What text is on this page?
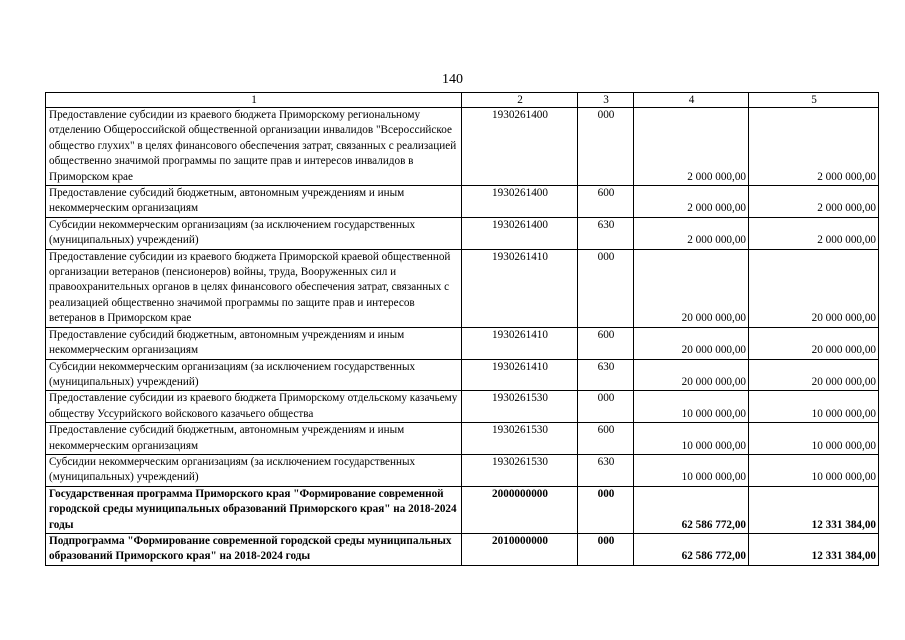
140
1	2	3	4	5
Предоставление субсидии из краевого бюджета Приморскому региональному отделению Общероссийской общественной организации инвалидов "Всероссийское общество глухих" в целях финансового обеспечения затрат, связанных с реализацией общественно значимой программы по защите прав и интересов инвалидов в Приморском крае	1930261400	000	2 000 000,00	2 000 000,00
Предоставление субсидий бюджетным, автономным учреждениям и иным некоммерческим организациям	1930261400	600	2 000 000,00	2 000 000,00
Субсидии некоммерческим организациям (за исключением государственных (муниципальных) учреждений)	1930261400	630	2 000 000,00	2 000 000,00
Предоставление субсидии из краевого бюджета Приморской краевой общественной организации ветеранов (пенсионеров) войны, труда, Вооруженных сил и правоохранительных органов в целях финансового обеспечения затрат, связанных с реализацией общественно значимой программы по защите прав и интересов ветеранов в Приморском крае	1930261410	000	20 000 000,00	20 000 000,00
Предоставление субсидий бюджетным, автономным учреждениям и иным некоммерческим организациям	1930261410	600	20 000 000,00	20 000 000,00
Субсидии некоммерческим организациям (за исключением государственных (муниципальных) учреждений)	1930261410	630	20 000 000,00	20 000 000,00
Предоставление субсидии из краевого бюджета Приморскому отдельскому казачьему обществу Уссурийского войскового казачьего общества	1930261530	000	10 000 000,00	10 000 000,00
Предоставление субсидий бюджетным, автономным учреждениям и иным некоммерческим организациям	1930261530	600	10 000 000,00	10 000 000,00
Субсидии некоммерческим организациям (за исключением государственных (муниципальных) учреждений)	1930261530	630	10 000 000,00	10 000 000,00
Государственная программа Приморского края "Формирование современной городской среды муниципальных образований Приморского края" на 2018-2024 годы	2000000000	000	62 586 772,00	12 331 384,00
Подпрограмма "Формирование современной городской среды муниципальных образований Приморского края" на 2018-2024 годы	2010000000	000	62 586 772,00	12 331 384,00
